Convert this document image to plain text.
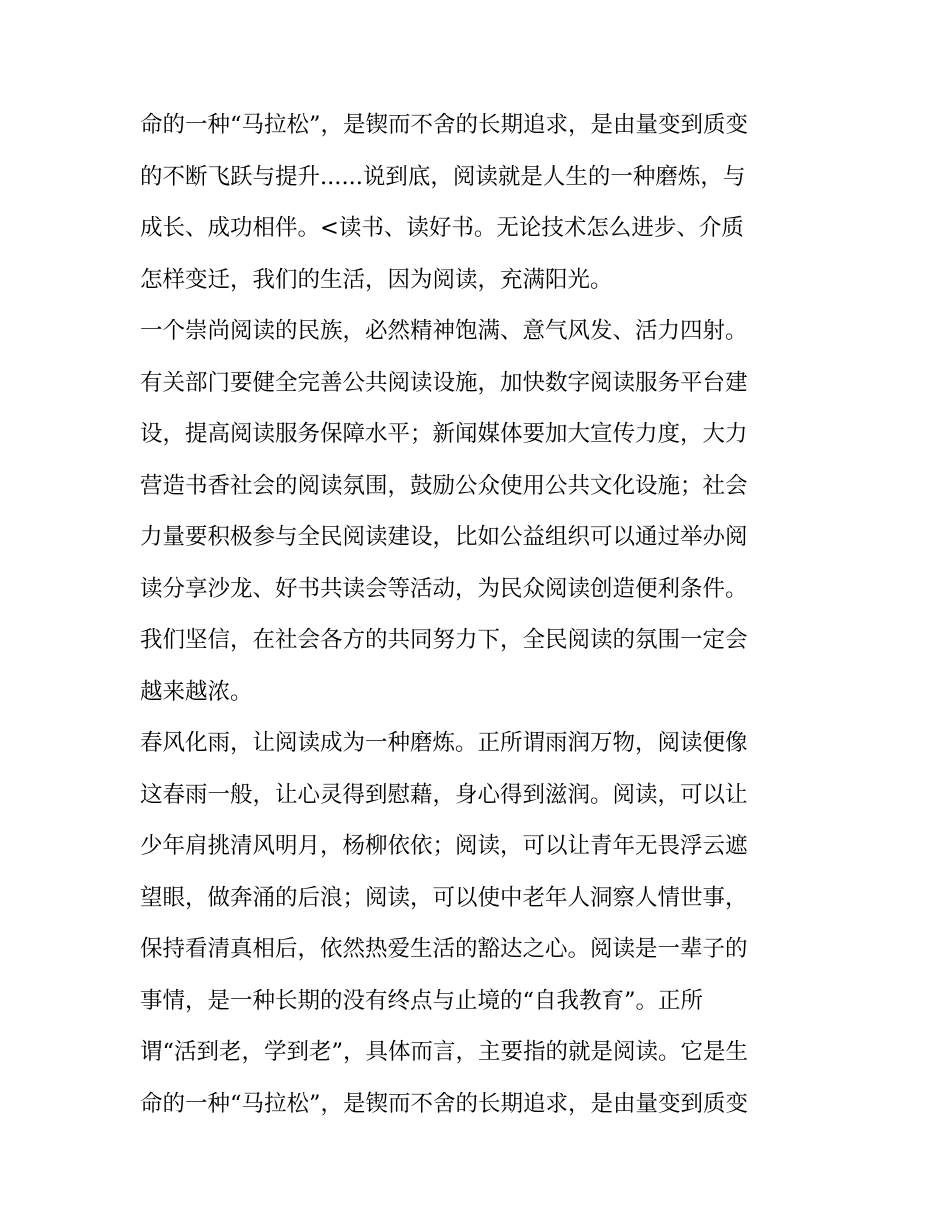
命的一种“马拉松”，是锲而不舍的长期追求，是由量变到质变
的不断飞跃与提升......说到底，阅读就是人生的一种磨炼，与
成长、成功相伴。<读书、读好书。无论技术怎么进步、介质
怎样变迁，我们的生活，因为阅读，充满阳光。
一个崇尚阅读的民族，必然精神饱满、意气风发、活力四射。
有关部门要健全完善公共阅读设施，加快数字阅读服务平台建
设，提高阅读服务保障水平；新闻媒体要加大宣传力度，大力
营造书香社会的阅读氛围，鼓励公众使用公共文化设施；社会
力量要积极参与全民阅读建设，比如公益组织可以通过举办阅
读分享沙龙、好书共读会等活动，为民众阅读创造便利条件。
我们坚信，在社会各方的共同努力下，全民阅读的氛围一定会
越来越浓。
春风化雨，让阅读成为一种磨炼。正所谓雨润万物，阅读便像
这春雨一般，让心灵得到慰藉，身心得到滋润。阅读，可以让
少年肩挑清风明月，杨柳依依；阅读，可以让青年无畏浮云遮
望眼，做奔涌的后浪；阅读，可以使中老年人洞察人情世事，
保持看清真相后，依然热爱生活的豁达之心。阅读是一辈子的
事情，是一种长期的没有终点与止境的“自我教育”。正所
谓“活到老，学到老”，具体而言，主要指的就是阅读。它是生
命的一种“马拉松”，是锲而不舍的长期追求，是由量变到质变
